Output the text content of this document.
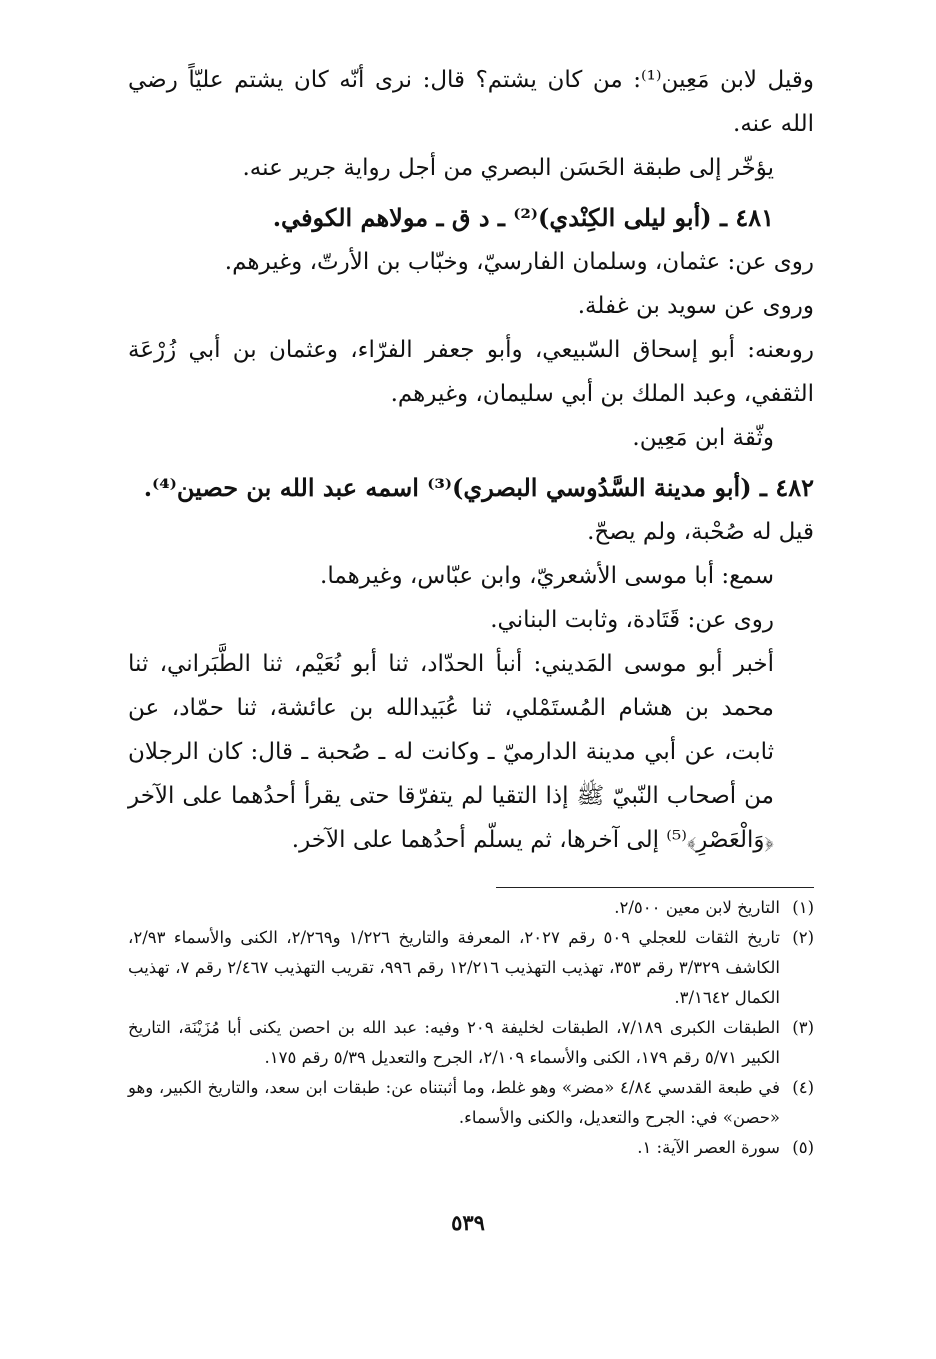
وقيل لابن مَعِين⁽¹⁾: من كان يشتم؟ قال: نرى أنّه كان يشتم عليّاً رضي الله عنه.

يؤخّر إلى طبقة الحَسَن البصري من أجل رواية جرير عنه.

٤٨١ ـ (أبو ليلى الكِنْدي)⁽²⁾ ـ د ق ـ مولاهم الكوفي.

روى عن: عثمان، وسلمان الفارسيّ، وخبّاب بن الأرتّ، وغيرهم.

وروى عن سويد بن غفلة.

روىعنه: أبو إسحاق السّبيعي، وأبو جعفر الفرّاء، وعثمان بن أبي زُرْعَة الثقفي، وعبد الملك بن أبي سليمان، وغيرهم.

وثّقة ابن مَعِين.

٤٨٢ ـ (أبو مدينة السَّدُوسي البصري)⁽³⁾ اسمه عبد الله بن حصين⁽⁴⁾.

قيل له صُحْبة، ولم يصحّ.

سمع: أبا موسى الأشعريّ، وابن عبّاس، وغيرهما.

روى عن: قَتَادة، وثابت البناني.

أخبر أبو موسى المَديني: أنبأ الحدّاد، ثنا أبو نُعَيْم، ثنا الطَّبَراني، ثنا محمد بن هشام المُستَمْلي، ثنا عُبَيدالله بن عائشة، ثنا حمّاد، عن ثابت، عن أبي مدينة الدارميّ ـ وكانت له ـ صُحبة ـ قال: كان الرجلان من أصحاب النّبيّ ﷺ إذا التقيا لم يتفرّقا حتى يقرأ أحدُهما على الآخر ﴿وَالْعَصْرِ﴾⁽⁵⁾ إلى آخرها، ثم يسلّم أحدُهما على الآخر.

(١)
التاريخ لابن معين ٢/٥٠٠.
(٢)
تاريخ الثقات للعجلي ٥٠٩ رقم ٢٠٢٧، المعرفة والتاريخ ١/٢٢٦ و٢/٢٦٩، الكنى والأسماء ٢/٩٣، الكاشف ٣/٣٢٩ رقم ٣٥٣، تهذيب التهذيب ١٢/٢١٦ رقم ٩٩٦، تقريب التهذيب ٢/٤٦٧ رقم ٧، تهذيب الكمال ٣/١٦٤٢.
(٣)
الطبقات الكبرى ٧/١٨٩، الطبقات لخليفة ٢٠٩ وفيه: عبد الله بن احصن يكنى أبا مُزَيْنَة، التاريخ الكبير ٥/٧١ رقم ١٧٩، الكنى والأسماء ٢/١٠٩، الجرح والتعديل ٥/٣٩ رقم ١٧٥.
(٤)
في طبعة القدسي ٤/٨٤ «مضر» وهو غلط، وما أثبتناه عن: طبقات ابن سعد، والتاريخ الكبير، وهو «حصن» في: الجرح والتعديل، والكنى والأسماء.
(٥)
سورة العصر الآية: ١.
٥٣٩
